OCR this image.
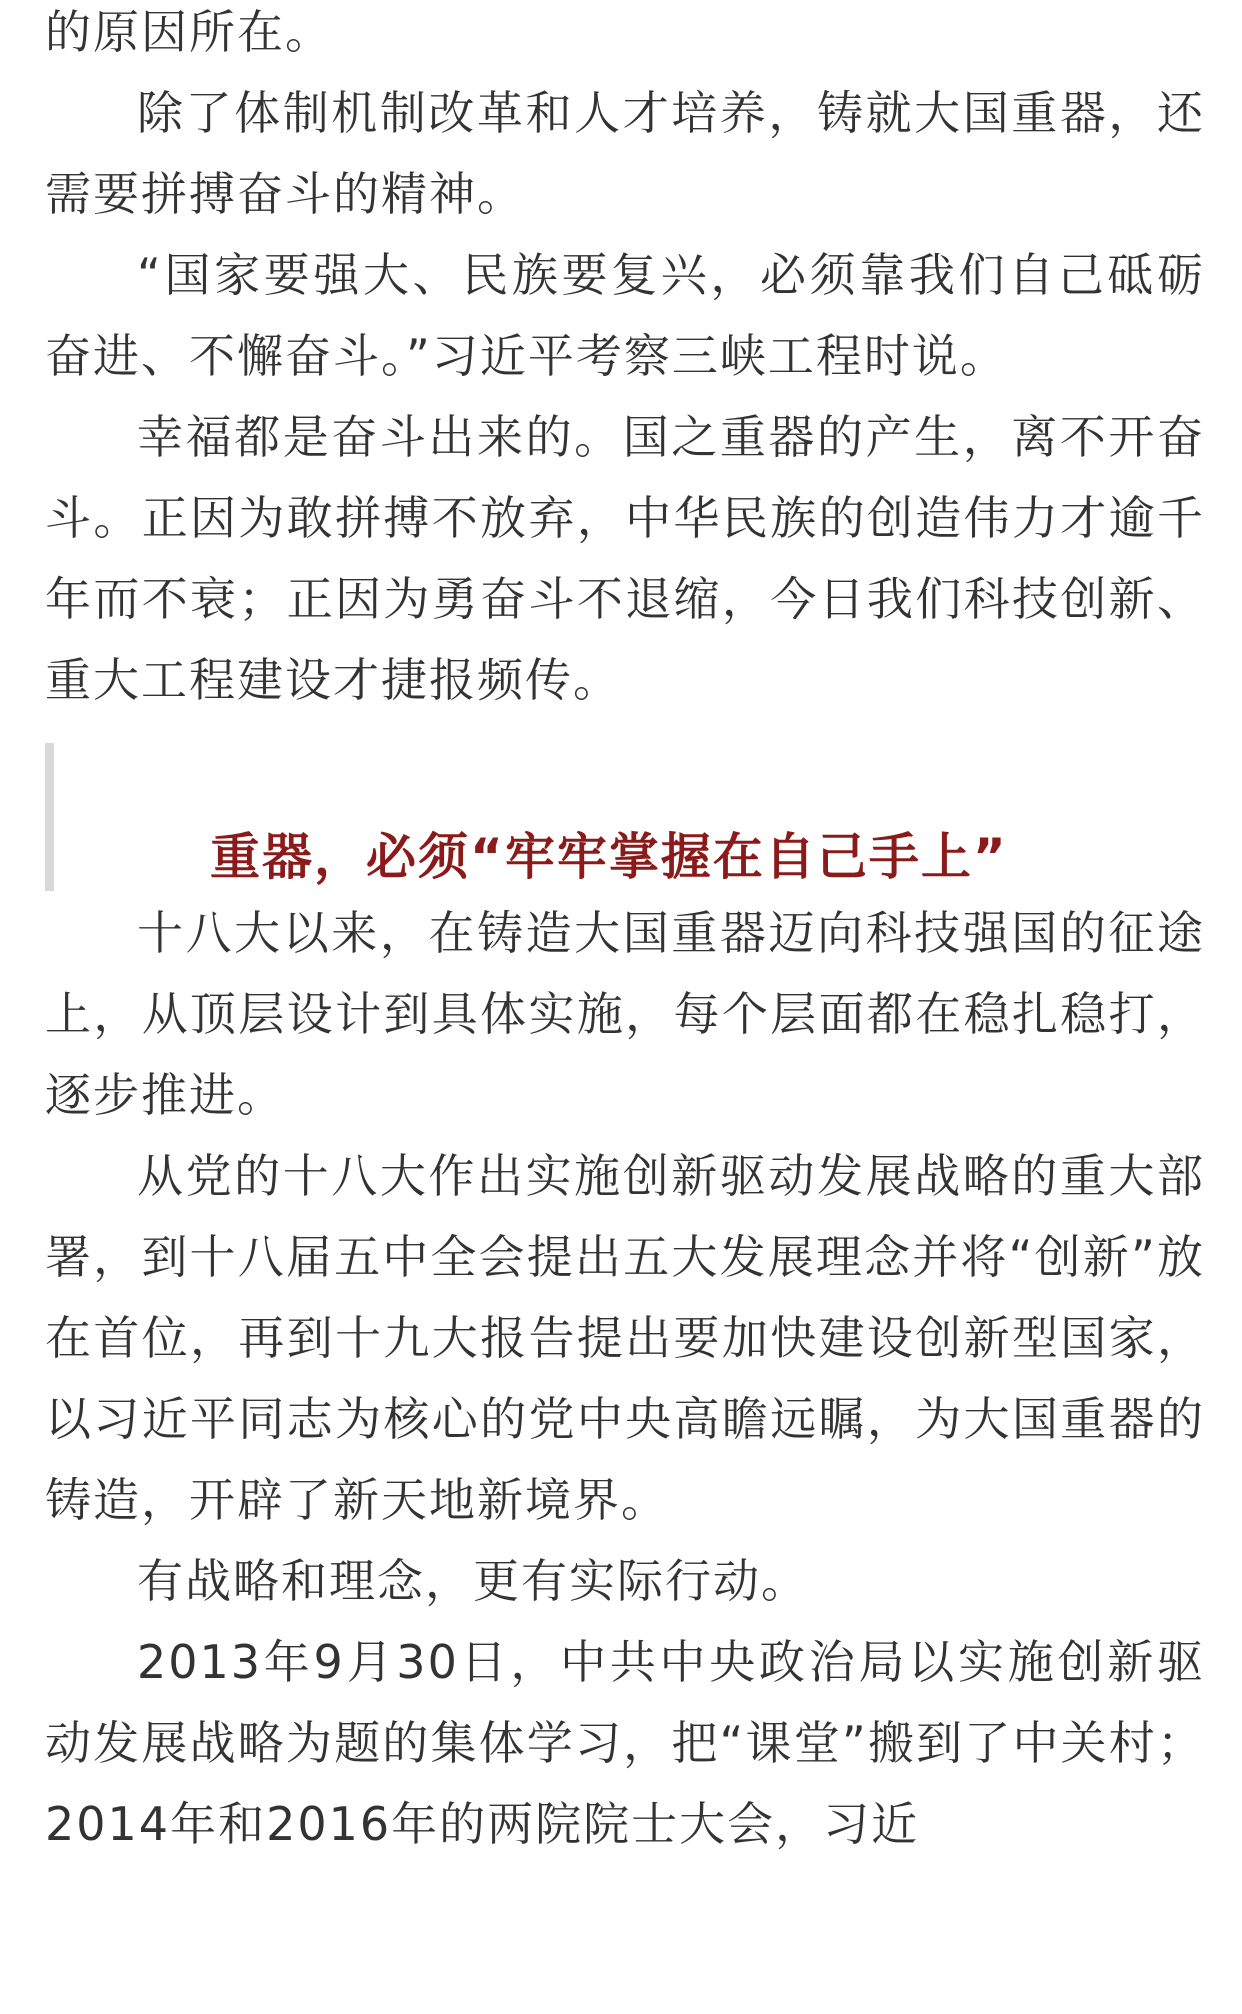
的原因所在。

除了体制机制改革和人才培养，铸就大国重器，还需要拼搏奋斗的精神。

“国家要强大、民族要复兴，必须靠我们自己砥砺奋进、不懈奋斗。”习近平考察三峡工程时说。

幸福都是奋斗出来的。国之重器的产生，离不开奋斗。正因为敢拼搏不放弃，中华民族的创造伟力才逾千年而不衰；正因为勇奋斗不退缩，今日我们科技创新、重大工程建设才捷报频传。

重器，必须“牢牢掌握在自己手上”

十八大以来，在铸造大国重器迈向科技强国的征途上，从顶层设计到具体实施，每个层面都在稳扎稳打，逐步推进。

从党的十八大作出实施创新驱动发展战略的重大部署，到十八届五中全会提出五大发展理念并将“创新”放在首位，再到十九大报告提出要加快建设创新型国家，以习近平同志为核心的党中央高瞻远瞩，为大国重器的铸造，开辟了新天地新境界。

有战略和理念，更有实际行动。

2013年9月30日，中共中央政治局以实施创新驱动发展战略为题的集体学习，把“课堂”搬到了中关村；2014年和2016年的两院院士大会，习近
